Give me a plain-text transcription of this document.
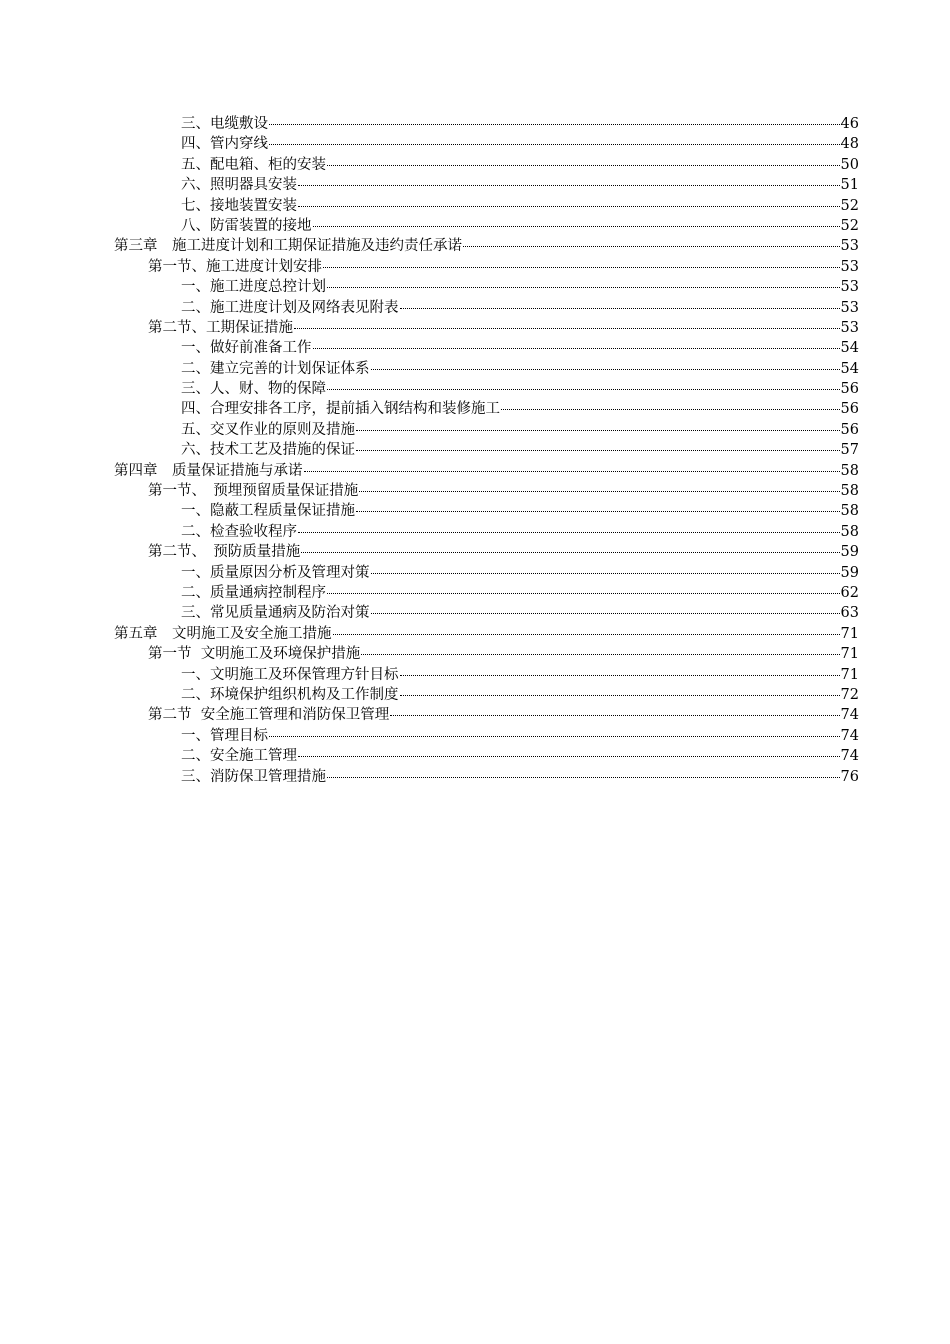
三、电缆敷设	46
四、管内穿线	48
五、配电箱、柜的安装	50
六、照明器具安装	51
七、接地装置安装	52
八、防雷装置的接地	52
第三章　施工进度计划和工期保证措施及违约责任承诺	53
第一节、施工进度计划安排	53
一、施工进度总控计划	53
二、施工进度计划及网络表见附表	53
第二节、工期保证措施	53
一、做好前准备工作	54
二、建立完善的计划保证体系	54
三、人、财、物的保障	56
四、合理安排各工序，提前插入钢结构和装修施工	56
五、交叉作业的原则及措施	56
六、技术工艺及措施的保证	57
第四章　质量保证措施与承诺	58
第一节、　预埋预留质量保证措施	58
一、隐蔽工程质量保证措施	58
二、检查验收程序	58
第二节、　预防质量措施	59
一、质量原因分析及管理对策	59
二、质量通病控制程序	62
三、常见质量通病及防治对策	63
第五章　文明施工及安全施工措施	71
第一节  文明施工及环境保护措施	71
一、文明施工及环保管理方针目标	71
二、环境保护组织机构及工作制度	72
第二节  安全施工管理和消防保卫管理	74
一、管理目标	74
二、安全施工管理	74
三、消防保卫管理措施	76
